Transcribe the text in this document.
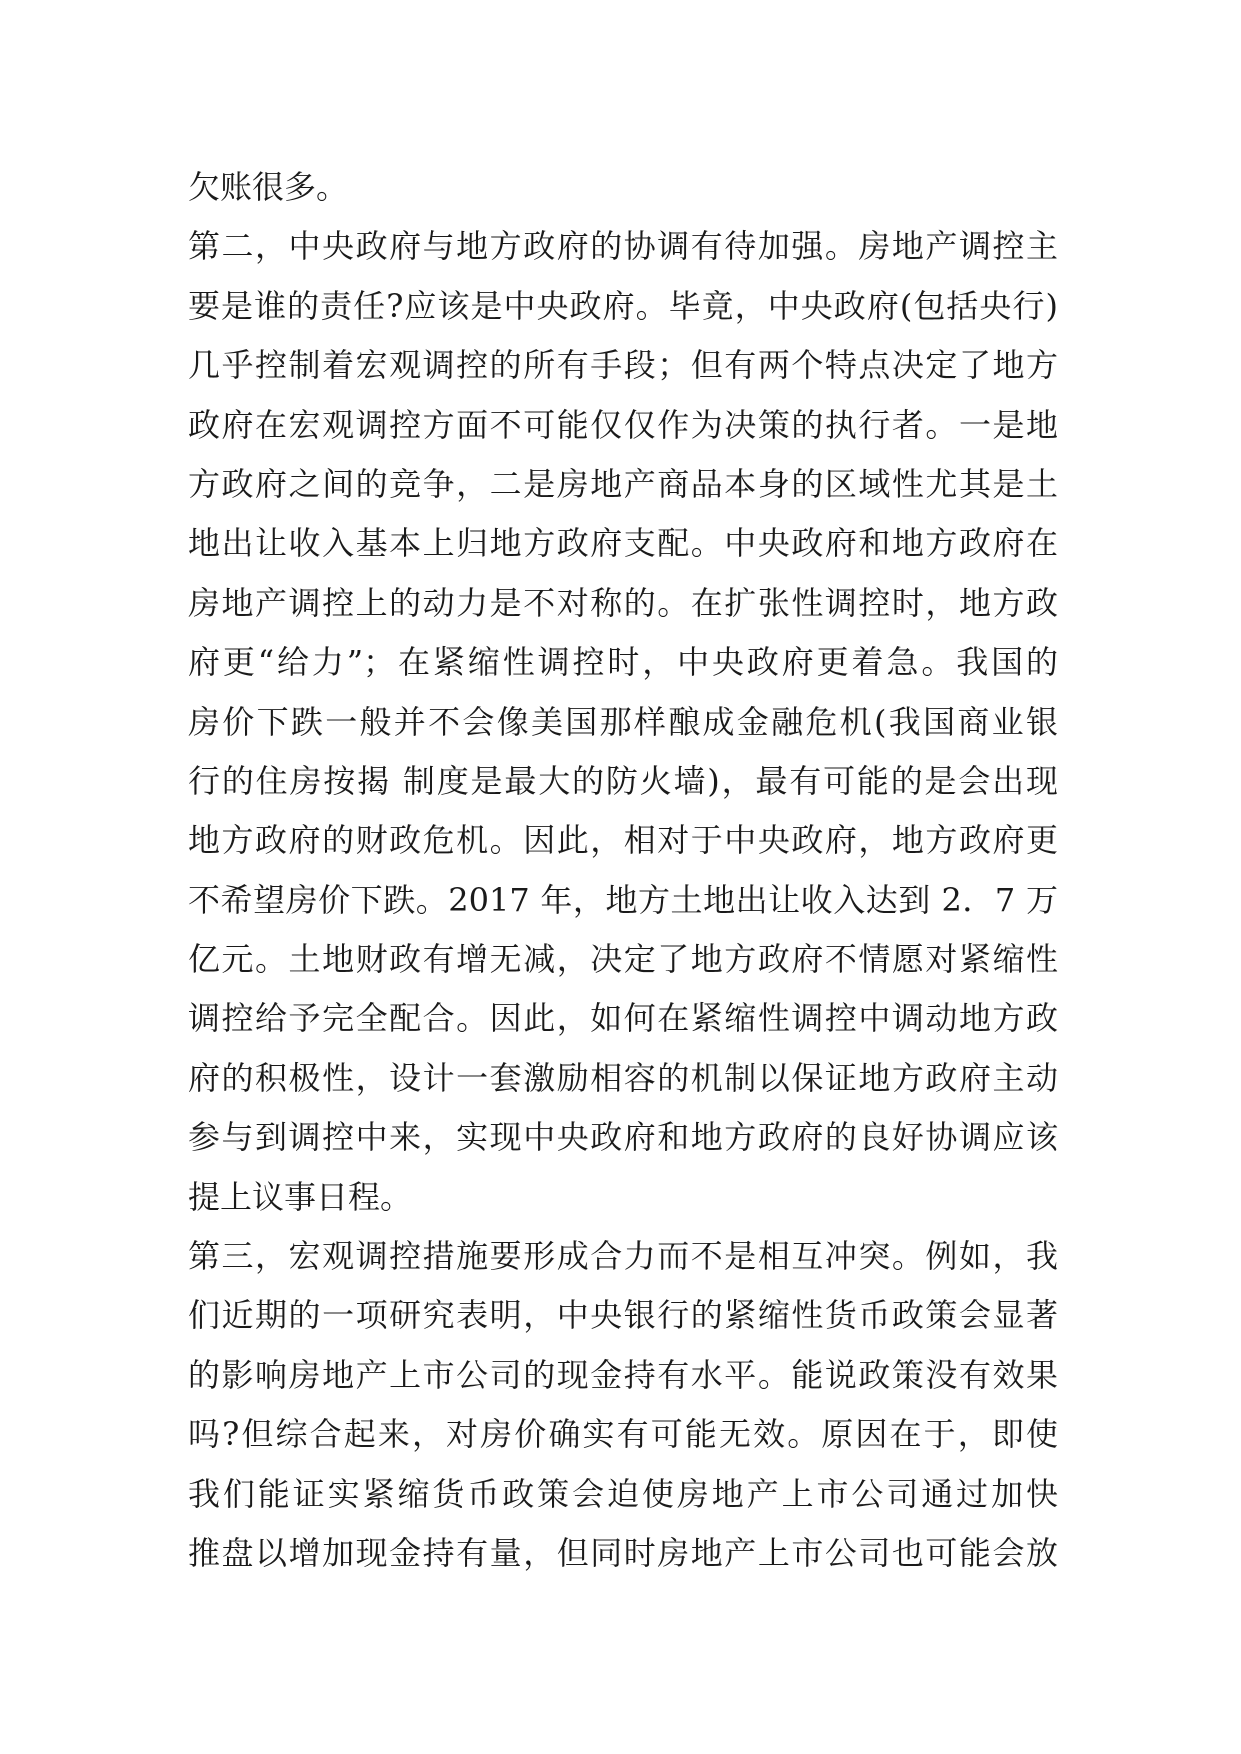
欠账很多。
第二，中央政府与地方政府的协调有待加强。房地产调控主
要是谁的责任?应该是中央政府。毕竟，中央政府(包括央行)
几乎控制着宏观调控的所有手段；但有两个特点决定了地方
政府在宏观调控方面不可能仅仅作为决策的执行者。一是地
方政府之间的竞争，二是房地产商品本身的区域性尤其是土
地出让收入基本上归地方政府支配。中央政府和地方政府在
房地产调控上的动力是不对称的。在扩张性调控时，地方政
府更“给力”；在紧缩性调控时，中央政府更着急。我国的
房价下跌一般并不会像美国那样酿成金融危机(我国商业银
行的住房按揭 制度是最大的防火墙)，最有可能的是会出现
地方政府的财政危机。因此，相对于中央政府，地方政府更
不希望房价下跌。2017 年，地方土地出让收入达到 2．7 万
亿元。土地财政有增无减，决定了地方政府不情愿对紧缩性
调控给予完全配合。因此，如何在紧缩性调控中调动地方政
府的积极性，设计一套激励相容的机制以保证地方政府主动
参与到调控中来，实现中央政府和地方政府的良好协调应该
提上议事日程。
第三，宏观调控措施要形成合力而不是相互冲突。例如，我
们近期的一项研究表明，中央银行的紧缩性货币政策会显著
的影响房地产上市公司的现金持有水平。能说政策没有效果
吗?但综合起来，对房价确实有可能无效。原因在于，即使
我们能证实紧缩货币政策会迫使房地产上市公司通过加快
推盘以增加现金持有量，但同时房地产上市公司也可能会放
